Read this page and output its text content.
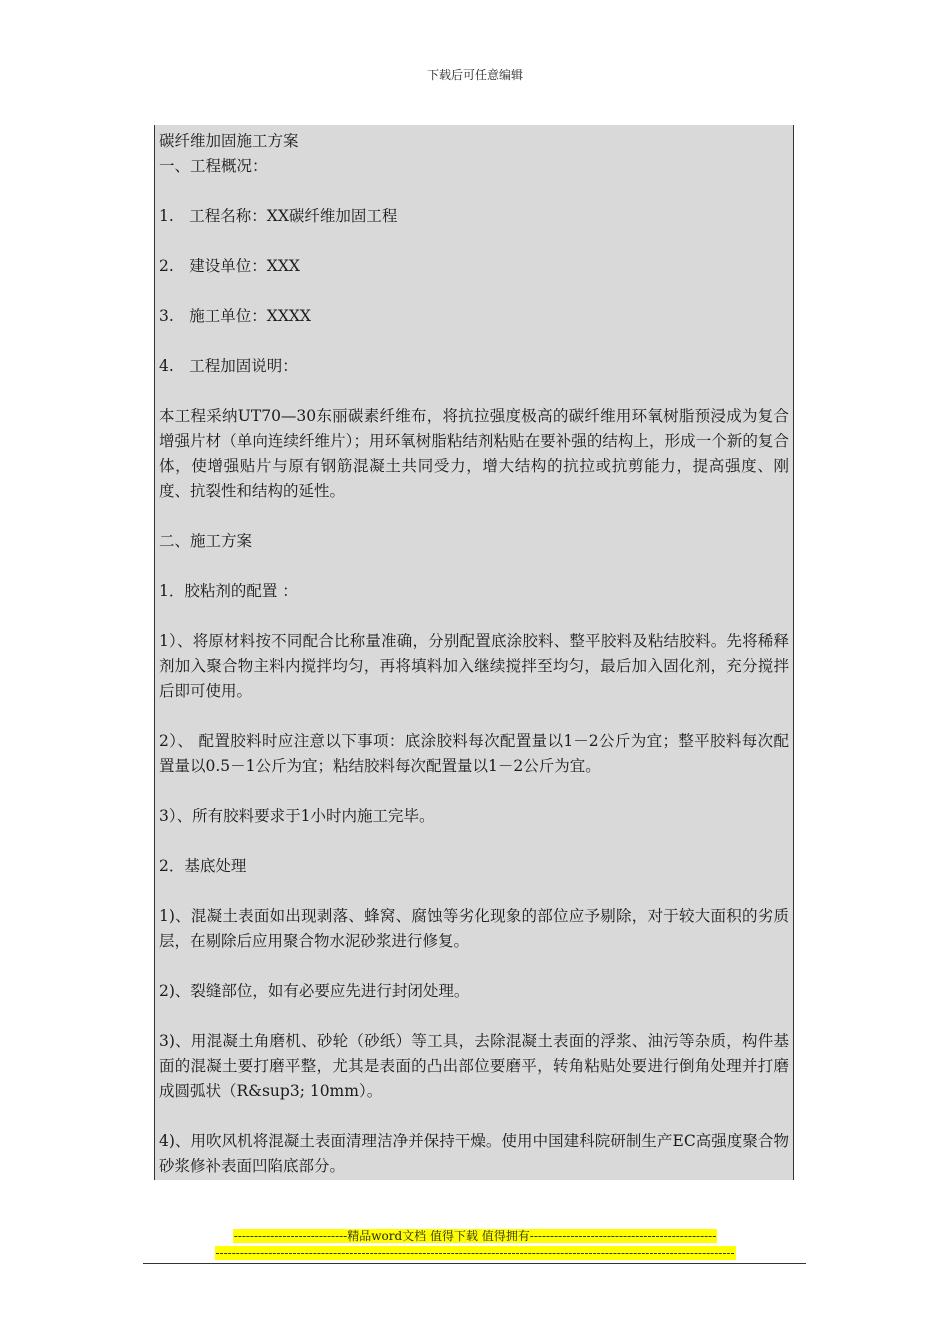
下载后可任意编辑
碳纤维加固施工方案
一、工程概况：
1.　工程名称：XX碳纤维加固工程
2.　建设单位：XXX
3.　施工单位：XXXX
4.　工程加固说明：
本工程采纳UT70—30东丽碳素纤维布，将抗拉强度极高的碳纤维用环氧树脂预浸成为复合增强片材（单向连续纤维片）；用环氧树脂粘结剂粘贴在要补强的结构上，形成一个新的复合体，使增强贴片与原有钢筋混凝土共同受力，增大结构的抗拉或抗剪能力，提高强度、刚度、抗裂性和结构的延性。
二、施工方案
1．胶粘剂的配置 ：
1）、将原材料按不同配合比称量准确，分别配置底涂胶料、整平胶料及粘结胶料。先将稀释剂加入聚合物主料内搅拌均匀，再将填料加入继续搅拌至均匀，最后加入固化剂，充分搅拌后即可使用。
2）、 配置胶料时应注意以下事项：底涂胶料每次配置量以1－2公斤为宜；整平胶料每次配置量以0.5－1公斤为宜；粘结胶料每次配置量以1－2公斤为宜。
3）、所有胶料要求于1小时内施工完毕。
2．基底处理
1)、混凝土表面如出现剥落、蜂窝、腐蚀等劣化现象的部位应予剔除，对于较大面积的劣质层，在剔除后应用聚合物水泥砂浆进行修复。
2)、裂缝部位，如有必要应先进行封闭处理。
3)、用混凝土角磨机、砂轮（砂纸）等工具，去除混凝土表面的浮浆、油污等杂质，构件基面的混凝土要打磨平整，尤其是表面的凸出部位要磨平，转角粘贴处要进行倒角处理并打磨成圆弧状（R&sup3; 10mm）。
4)、用吹风机将混凝土表面清理洁净并保持干燥。使用中国建科院研制生产EC高强度聚合物砂浆修补表面凹陷底部分。
----------------------------精品word文档 值得下载 值得拥有----------------------------------------------
--------------------------------------------------------------------------------------------------------------------------------
